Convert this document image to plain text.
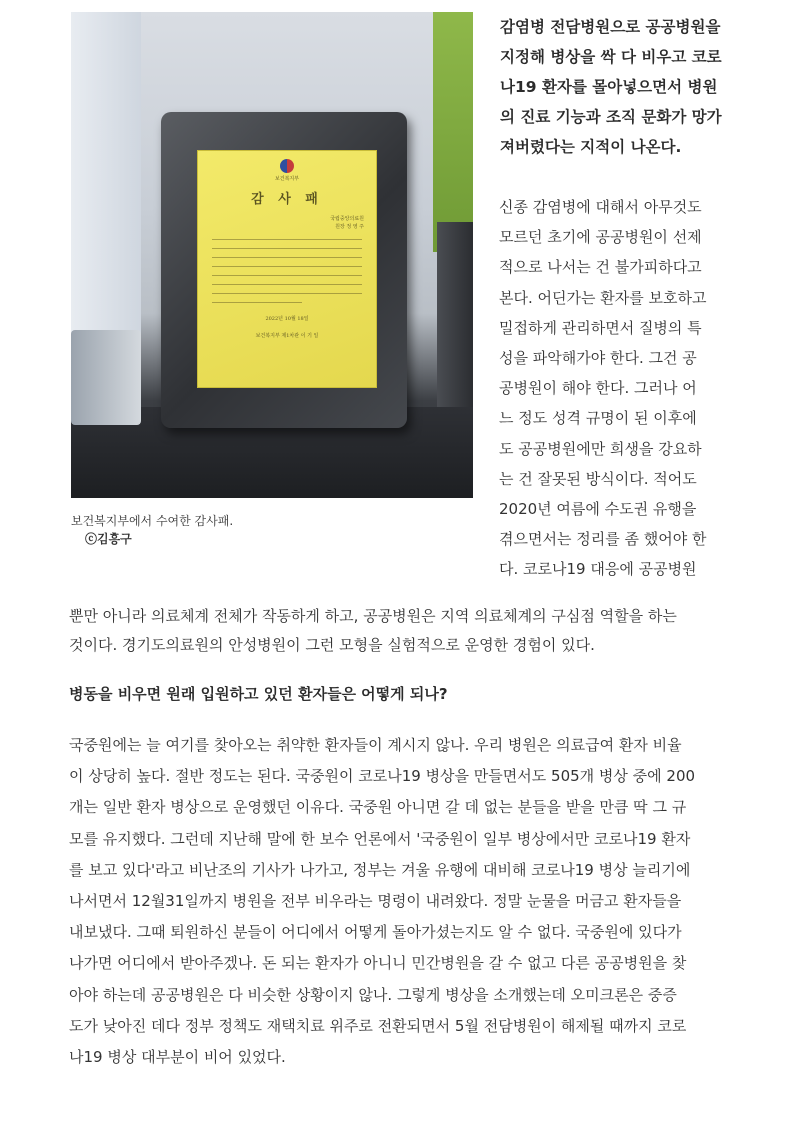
보건복지부
감 사 패
국립중앙의료원
원장 정 영 주
2022년 10월 18일
보건복지부 제1차관 이 기 일
보건복지부에서 수여한 감사패.
ⓒ김흥구

감염병 전담병원으로 공공병원을 지정해 병상을 싹 다 비우고 코로나19 환자를 몰아넣으면서 병원의 진료 기능과 조직 문화가 망가져버렸다는 지적이 나온다.

신종 감염병에 대해서 아무것도
모르던 초기에 공공병원이 선제
적으로 나서는 건 불가피하다고
본다. 어딘가는 환자를 보호하고
밀접하게 관리하면서 질병의 특
성을 파악해가야 한다. 그건 공
공병원이 해야 한다. 그러나 어
느 정도 성격 규명이 된 이후에
도 공공병원에만 희생을 강요하
는 건 잘못된 방식이다. 적어도
2020년 여름에 수도권 유행을
겪으면서는 정리를 좀 했어야 한
다. 코로나19 대응에 공공병원

뿐만 아니라 의료체계 전체가 작동하게 하고, 공공병원은 지역 의료체계의 구심점 역할을 하는
것이다. 경기도의료원의 안성병원이 그런 모형을 실험적으로 운영한 경험이 있다.

병동을 비우면 원래 입원하고 있던 환자들은 어떻게 되나?

국중원에는 늘 여기를 찾아오는 취약한 환자들이 계시지 않나. 우리 병원은 의료급여 환자 비율
이 상당히 높다. 절반 정도는 된다. 국중원이 코로나19 병상을 만들면서도 505개 병상 중에 200
개는 일반 환자 병상으로 운영했던 이유다. 국중원 아니면 갈 데 없는 분들을 받을 만큼 딱 그 규
모를 유지했다. 그런데 지난해 말에 한 보수 언론에서 '국중원이 일부 병상에서만 코로나19 환자
를 보고 있다'라고 비난조의 기사가 나가고, 정부는 겨울 유행에 대비해 코로나19 병상 늘리기에
나서면서 12월31일까지 병원을 전부 비우라는 명령이 내려왔다. 정말 눈물을 머금고 환자들을
내보냈다. 그때 퇴원하신 분들이 어디에서 어떻게 돌아가셨는지도 알 수 없다. 국중원에 있다가
나가면 어디에서 받아주겠나. 돈 되는 환자가 아니니 민간병원을 갈 수 없고 다른 공공병원을 찾
아야 하는데 공공병원은 다 비슷한 상황이지 않나. 그렇게 병상을 소개했는데 오미크론은 중증
도가 낮아진 데다 정부 정책도 재택치료 위주로 전환되면서 5월 전담병원이 해제될 때까지 코로
나19 병상 대부분이 비어 있었다.
